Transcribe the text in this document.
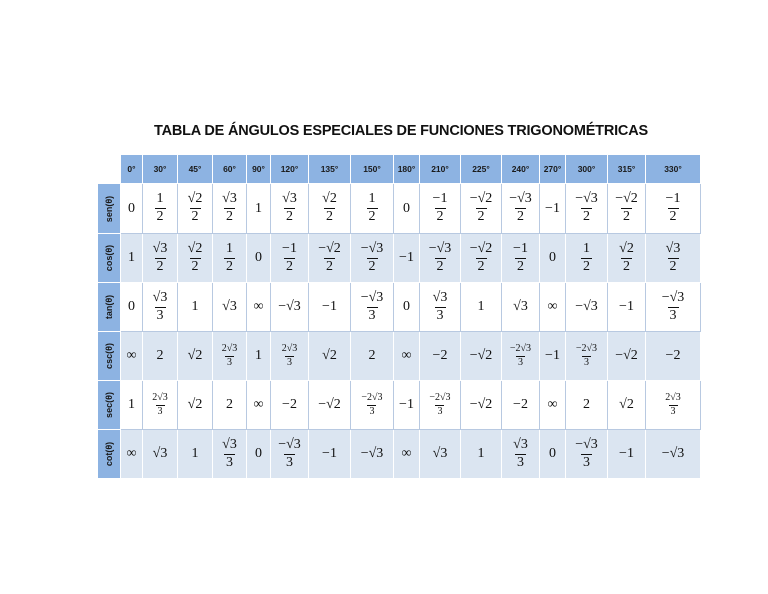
TABLA DE ÁNGULOS ESPECIALES DE FUNCIONES TRIGONOMÉTRICAS
0°	30°	45°	60°	90°	120°	135°	150°	180°	210°	225°	240°	270°	300°	315°	330°
sen(θ) $0 \frac{1}{2} \frac{√2}{2} \frac{√3}{2} 1 \frac{√3}{2} \frac{√2}{2} \frac{1}{2} 0 \frac{-1}{2} \frac{-√2}{2} \frac{-√3}{2} -1 \frac{-√3}{2} \frac{-√2}{2} \frac{-1}{2}$
cos(θ) $1 \frac{√3}{2} \frac{√2}{2} \frac{1}{2} 0 \frac{-1}{2} \frac{-√2}{2} \frac{-√3}{2} -1 \frac{-√3}{2} \frac{-√2}{2} \frac{-1}{2} 0 \frac{1}{2} \frac{√2}{2} \frac{√3}{2}$
tan(θ) $0 \frac{√3}{3} 1$ √3 ∞ $-√3 -1 \frac{-√3}{3} 0 \frac{√3}{3} 1$ √3 ∞ $-√3 -1 \frac{-√3}{3}$
csc(θ) ∞ 2 $√2 \frac{2√3}{3} 1 \frac{2√3}{3} √2$ 2 ∞ $-2 -√2 \frac{-2√3}{3} -1 \frac{-2√3}{3} -√2 -2$
sec(θ) $1 \frac{2√3}{3} √2$ 2 ∞ $-2 -√2 \frac{-2√3}{3} -1 \frac{-2√3}{3} -√2 -2$ ∞ 2 √2	$\frac{2√3}{3}$
cot(θ) ∞ √3 $1 \frac{√3}{3} 0 \frac{-√3}{3} -1 -√3$ ∞ √3 $1 \frac{√3}{3} 0 \frac{-√3}{3} -1 -√3$
